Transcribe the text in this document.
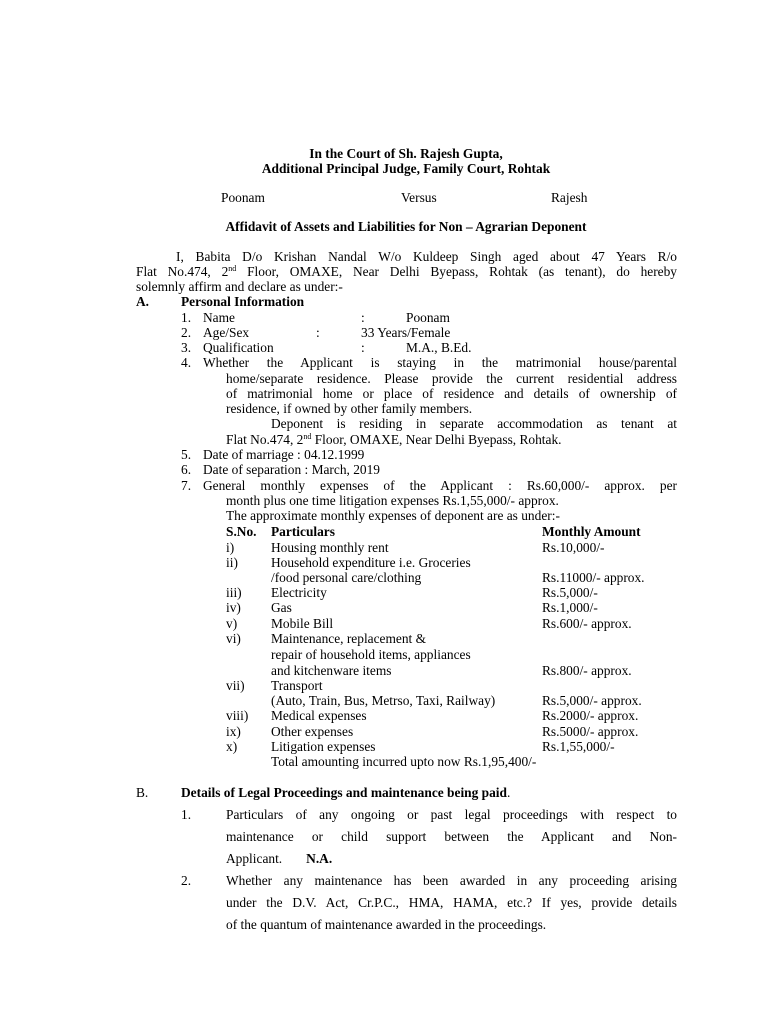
In the Court of Sh. Rajesh Gupta,
Additional Principal Judge, Family Court, Rohtak
Poonam	Versus	Rajesh
Affidavit of Assets and Liabilities for Non – Agrarian Deponent
I, Babita D/o Krishan Nandal W/o Kuldeep Singh aged about 47 Years R/o
Flat No.474, 2nd Floor, OMAXE, Near Delhi Byepass, Rohtak (as tenant), do hereby
solemnly affirm and declare as under:-
A. Personal Information
1. Name	:	Poonam
2. Age/Sex	:	33 Years/Female
3. Qualification	:	M.A., B.Ed.
4. Whether the Applicant is staying in the matrimonial house/parental
home/separate residence. Please provide the current residential address
of matrimonial home or place of residence and details of ownership of
residence, if owned by other family members.
Deponent is residing in separate accommodation as tenant at
Flat No.474, 2nd Floor, OMAXE, Near Delhi Byepass, Rohtak.
5. Date of marriage : 04.12.1999
6. Date of separation : March, 2019
7. General monthly expenses of the Applicant : Rs.60,000/- approx. per
month plus one time litigation expenses Rs.1,55,000/- approx.
The approximate monthly expenses of deponent are as under:-
S.No. Particulars	Monthly Amount
i)	Housing monthly rent	Rs.10,000/-
ii) Household expenditure i.e. Groceries
/food personal care/clothing	Rs.11000/- approx.
iii) Electricity	Rs.5,000/-
iv) Gas	Rs.1,000/-
v)	Mobile Bill	Rs.600/- approx.
vi) Maintenance, replacement &
repair of household items, appliances
and kitchenware items	Rs.800/- approx.
vii) Transport
(Auto, Train, Bus, Metrso, Taxi, Railway)	Rs.5,000/- approx.
viii) Medical expenses	Rs.2000/- approx.
ix) Other expenses	Rs.5000/- approx.
x)	Litigation expenses	Rs.1,55,000/-
Total amounting incurred upto now Rs.1,95,400/-
B. Details of Legal Proceedings and maintenance being paid.
1.	Particulars of any ongoing or past legal proceedings with respect to
maintenance or child support between the Applicant and Non-
Applicant. N.A.
2.	Whether any maintenance has been awarded in any proceeding arising
under the D.V. Act, Cr.P.C., HMA, HAMA, etc.? If yes, provide details
of the quantum of maintenance awarded in the proceedings.
